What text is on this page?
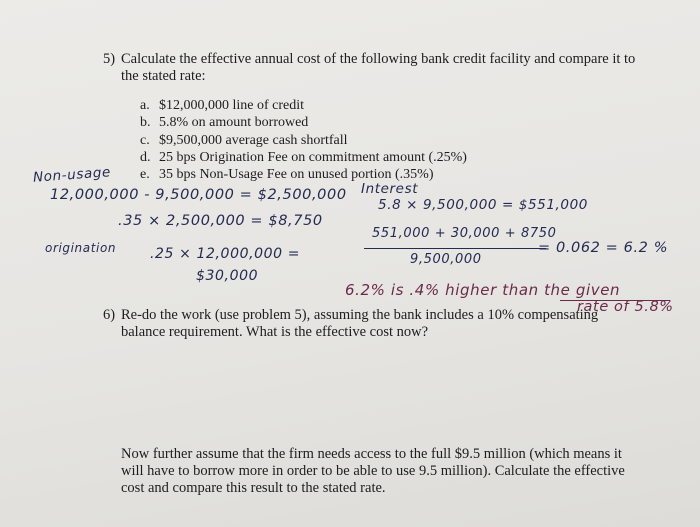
5) Calculate the effective annual cost of the following bank credit facility and compare it to
the stated rate:
a. $12,000,000 line of credit
b. 5.8% on amount borrowed
c. $9,500,000 average cash shortfall
d. 25 bps Origination Fee on commitment amount (.25%)
e. 35 bps Non-Usage Fee on unused portion (.35%)
Non-usage
12,000,000 - 9,500,000 = $2,500,000
.35 × 2,500,000 = $8,750
origination .25 × 12,000,000 =
$30,000
Interest
5.8 × 9,500,000 = $551,000
551,000 + 30,000 + 8750
9,500,000
= 0.062 = 6.2 %
6.2% is .4% higher than the given
rate of 5.8%
6) Re-do the work (use problem 5), assuming the bank includes a 10% compensating
balance requirement. What is the effective cost now?
Now further assume that the firm needs access to the full $9.5 million (which means it
will have to borrow more in order to be able to use 9.5 million). Calculate the effective
cost and compare this result to the stated rate.
